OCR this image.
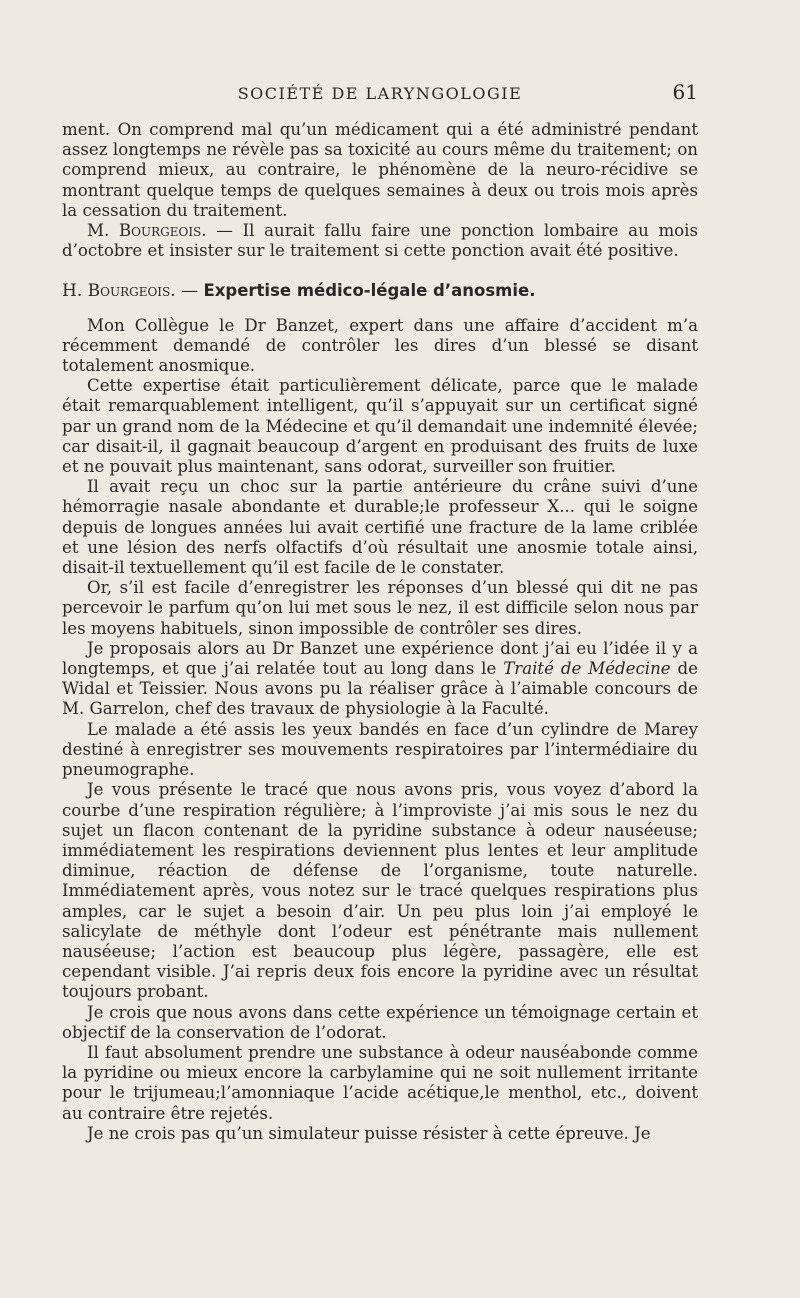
SOCIÉTÉ DE LARYNGOLOGIE	61

ment. On comprend mal qu’un médicament qui a été administré pendant assez longtemps ne révèle pas sa toxicité au cours même du traitement; on comprend mieux, au contraire, le phénomène de la neuro-récidive se montrant quelque temps de quelques semaines à deux ou trois mois après la cessation du traitement.

M. Bourgeois. — Il aurait fallu faire une ponction lombaire au mois d’octobre et insister sur le traitement si cette ponction avait été positive.

H. Bourgeois. — Expertise médico-légale d’anosmie.

Mon Collègue le Dr Banzet, expert dans une affaire d’accident m’a récemment demandé de contrôler les dires d’un blessé se disant totalement anosmique.

Cette expertise était particulièrement délicate, parce que le malade était remarquablement intelligent, qu’il s’appuyait sur un certificat signé par un grand nom de la Médecine et qu’il demandait une indemnité élevée; car disait-il, il gagnait beaucoup d’argent en produisant des fruits de luxe et ne pouvait plus maintenant, sans odorat, surveiller son fruitier.

Il avait reçu un choc sur la partie antérieure du crâne suivi d’une hémorragie nasale abondante et durable;le professeur X... qui le soigne depuis de longues années lui avait certifié une fracture de la lame criblée et une lésion des nerfs olfactifs d’où résultait une anosmie totale ainsi, disait-il textuellement qu’il est facile de le constater.

Or, s’il est facile d’enregistrer les réponses d’un blessé qui dit ne pas percevoir le parfum qu’on lui met sous le nez, il est difficile selon nous par les moyens habituels, sinon impossible de contrôler ses dires.

Je proposais alors au Dr Banzet une expérience dont j’ai eu l’idée il y a longtemps, et que j’ai relatée tout au long dans le Traité de Médecine de Widal et Teissier. Nous avons pu la réaliser grâce à l’aimable concours de M. Garrelon, chef des travaux de physiologie à la Faculté.

Le malade a été assis les yeux bandés en face d’un cylindre de Marey destiné à enregistrer ses mouvements respiratoires par l’intermédiaire du pneumographe.

Je vous présente le tracé que nous avons pris, vous voyez d’abord la courbe d’une respiration régulière; à l’improviste j’ai mis sous le nez du sujet un flacon contenant de la pyridine substance à odeur nauséeuse; immédiatement les respirations deviennent plus lentes et leur amplitude diminue, réaction de défense de l’organisme, toute naturelle. Immédiatement après, vous notez sur le tracé quelques respirations plus amples, car le sujet a besoin d’air. Un peu plus loin j’ai employé le salicylate de méthyle dont l’odeur est pénétrante mais nullement nauséeuse; l’action est beaucoup plus légère, passagère, elle est cependant visible. J’ai repris deux fois encore la pyridine avec un résultat toujours probant.

Je crois que nous avons dans cette expérience un témoignage certain et objectif de la conservation de l’odorat.

Il faut absolument prendre une substance à odeur nauséabonde comme la pyridine ou mieux encore la carbylamine qui ne soit nullement irritante pour le trijumeau;l’amonniaque l’acide acétique,le menthol, etc., doivent au contraire être rejetés.

Je ne crois pas qu’un simulateur puisse résister à cette épreuve. Je
